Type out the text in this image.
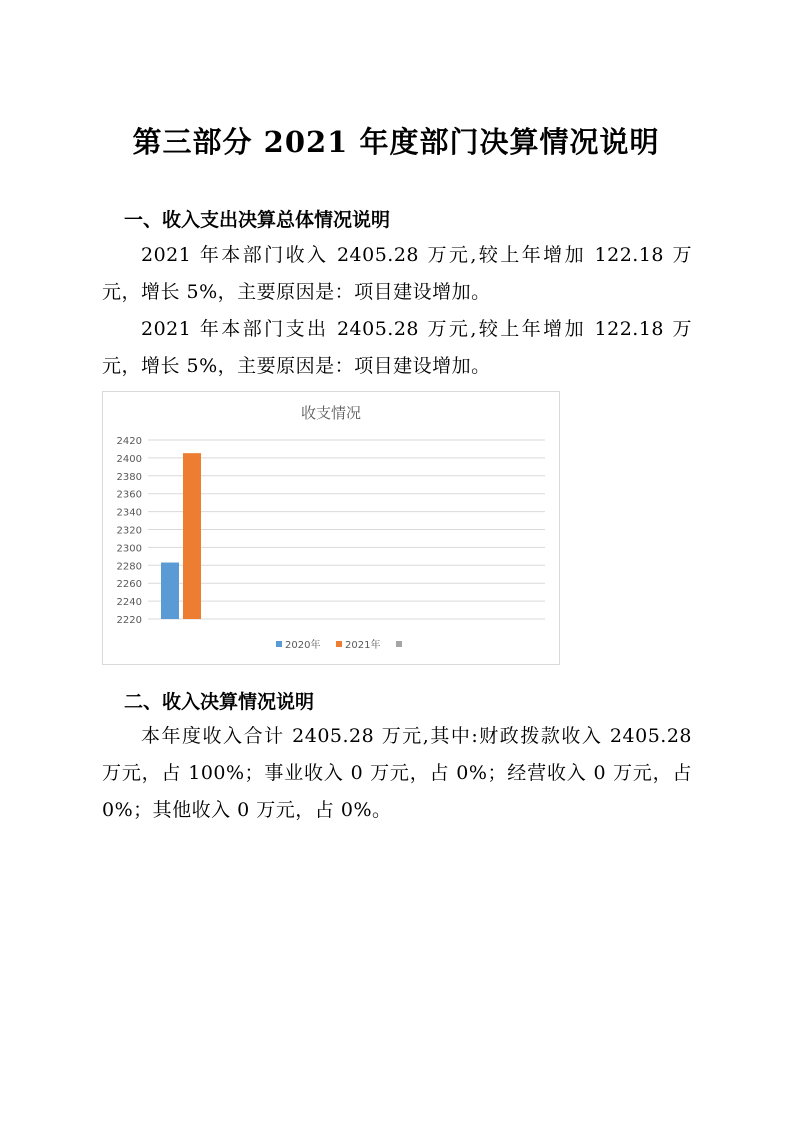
第三部分 2021 年度部门决算情况说明
一、收入支出决算总体情况说明
2021 年本部门收入 2405.28 万元,较上年增加 122.18 万元，增长 5%，主要原因是：项目建设增加。
2021 年本部门支出 2405.28 万元,较上年增加 122.18 万元，增长 5%，主要原因是：项目建设增加。
收支情况
2220
2240
2260
2280
2300
2320
2340
2360
2380
2400
2420
2020年 2021年
二、收入决算情况说明
本年度收入合计 2405.28 万元,其中:财政拨款收入 2405.28 万元，占 100%；事业收入 0 万元，占 0%；经营收入 0 万元，占 0%；其他收入 0 万元，占 0%。
